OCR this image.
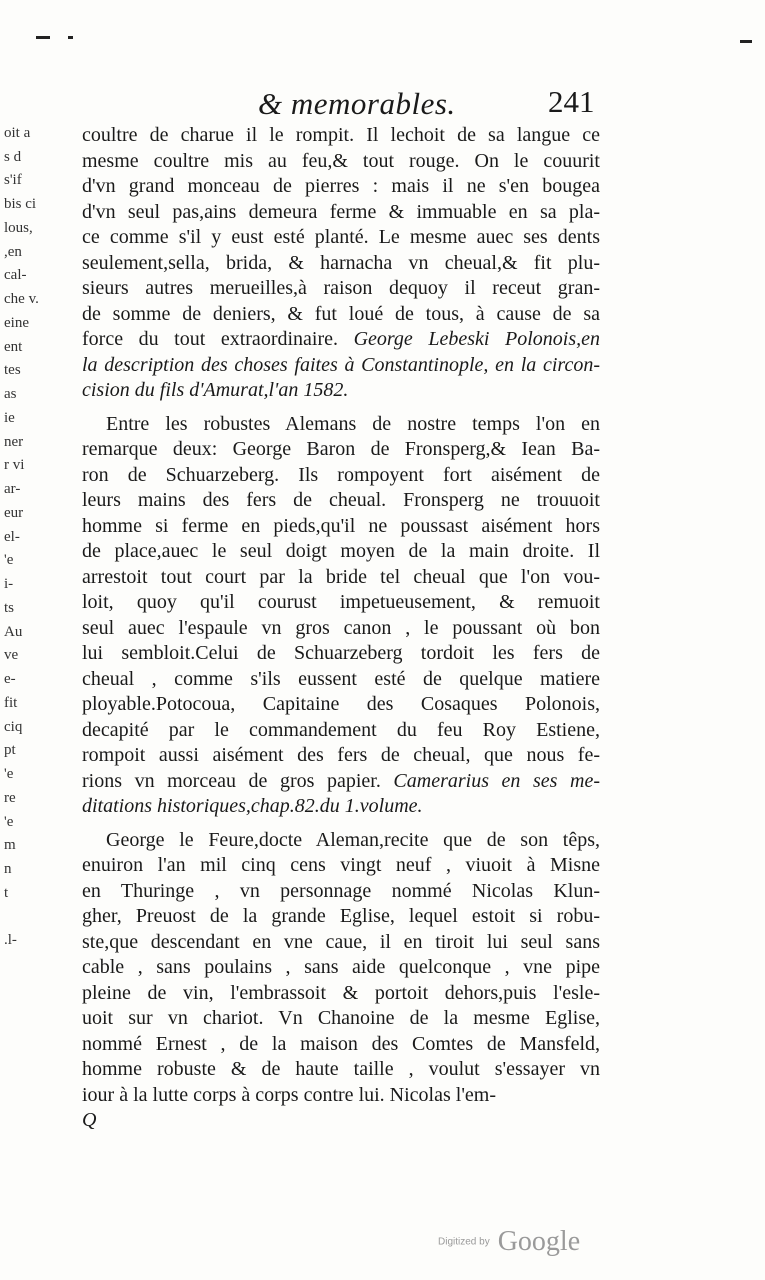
& memorables.	241
oit a
s d
s'if
bis ci
lous,
,en
cal-
che v.
eine
ent
tes
as
ie
ner
r vi
ar-
eur
el-
'e
i-
ts
Au
ve
e-
fit
ciq
pt
'e
re
'e
m
n
t
.l-
coultre de charue il le rompit. Il lechoit de sa langue ce
mesme coultre mis au feu,& tout rouge. On le couurit
d'vn grand monceau de pierres : mais il ne s'en bougea
d'vn seul pas,ains demeura ferme & immuable en sa pla-
ce comme s'il y eust esté planté. Le mesme auec ses dents
seulement,sella, brida, & harnacha vn cheual,& fit plu-
sieurs autres merueilles,à raison dequoy il receut gran-
de somme de deniers, & fut loué de tous, à cause de sa
force du tout extraordinaire. George Lebeski Polonois,en
la description des choses faites à Constantinople, en la circon-
cision du fils d'Amurat,l'an 1582.
Entre les robustes Alemans de nostre temps l'on en
remarque deux: George Baron de Fronsperg,& Iean Ba-
ron de Schuarzeberg. Ils rompoyent fort aisément de
leurs mains des fers de cheual. Fronsperg ne trouuoit
homme si ferme en pieds,qu'il ne poussast aisément hors
de place,auec le seul doigt moyen de la main droite. Il
arrestoit tout court par la bride tel cheual que l'on vou-
loit, quoy qu'il courust impetueusement, & remuoit
seul auec l'espaule vn gros canon , le poussant où bon
lui sembloit.Celui de Schuarzeberg tordoit les fers de
cheual , comme s'ils eussent esté de quelque matiere
ployable.Potocoua, Capitaine des Cosaques Polonois,
decapité par le commandement du feu Roy Estiene,
rompoit aussi aisément des fers de cheual, que nous fe-
rions vn morceau de gros papier. Camerarius en ses me-
ditations historiques,chap.82.du 1.volume.
George le Feure,docte Aleman,recite que de son têps,
enuiron l'an mil cinq cens vingt neuf , viuoit à Misne
en Thuringe , vn personnage nommé Nicolas Klun-
gher, Preuost de la grande Eglise, lequel estoit si robu-
ste,que descendant en vne caue, il en tiroit lui seul sans
cable , sans poulains , sans aide quelconque , vne pipe
pleine de vin, l'embrassoit & portoit dehors,puis l'esle-
uoit sur vn chariot. Vn Chanoine de la mesme Eglise,
nommé Ernest , de la maison des Comtes de Mansfeld,
homme robuste & de haute taille , voulut s'essayer vn
iour à la lutte corps à corps contre lui. Nicolas l'em-
Q
Digitized by Google
